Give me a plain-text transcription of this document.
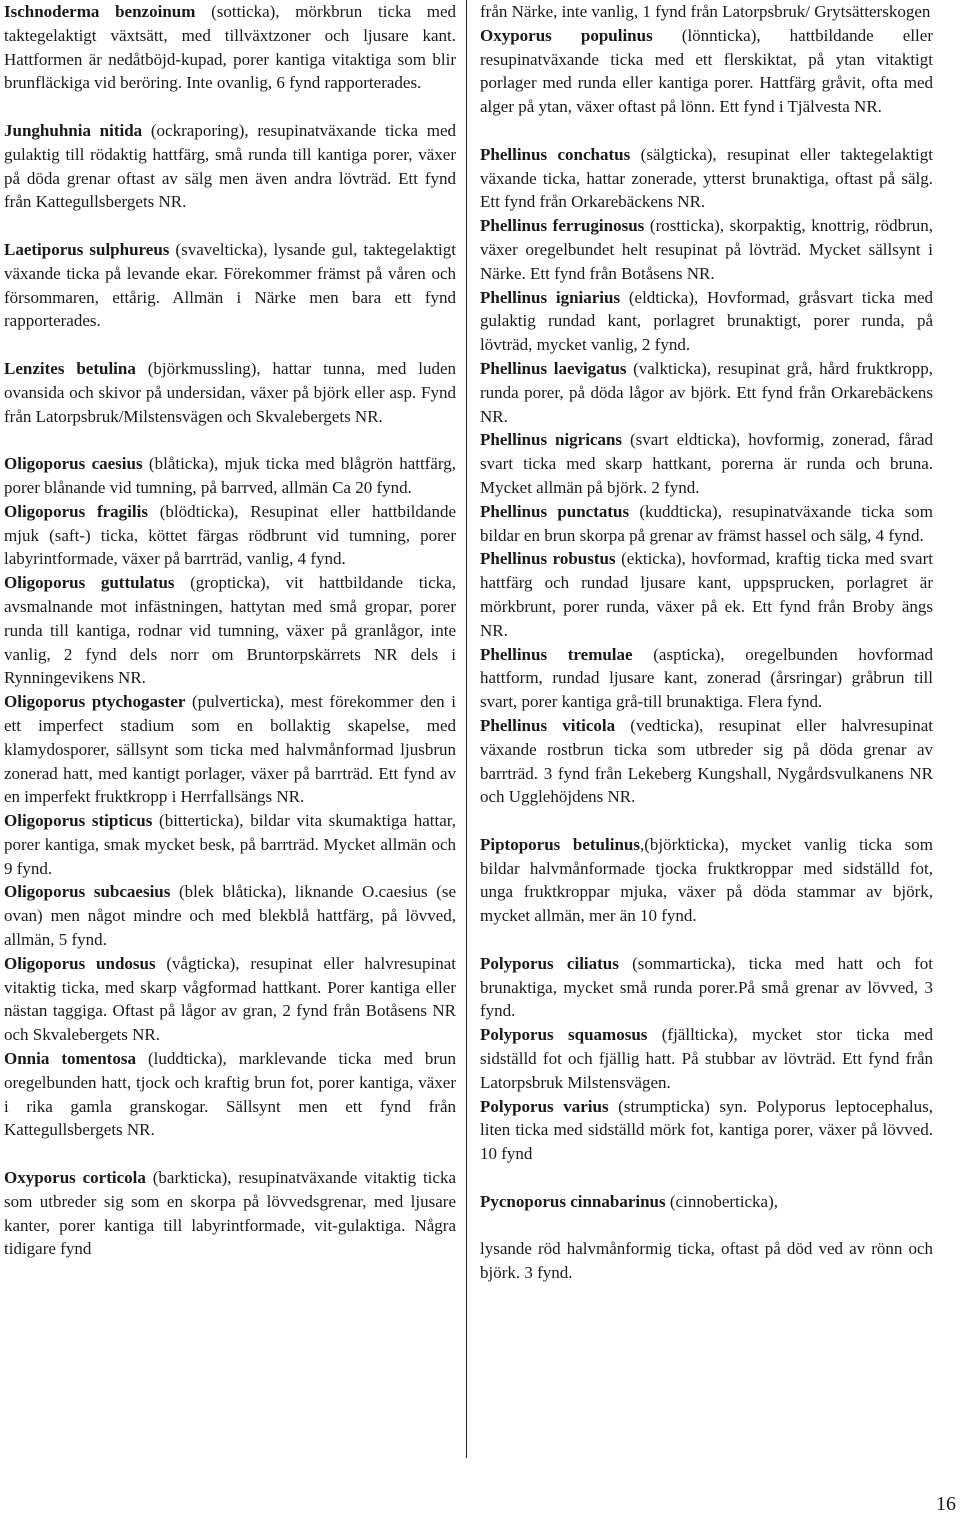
Ischnoderma benzoinum (sotticka), mörkbrun ticka med taktegelaktigt växtsätt, med tillväxtzoner och ljusare kant. Hattformen är nedåtböjd-kupad, porer kantiga vitaktiga som blir brunfläckiga vid beröring. Inte ovanlig, 6 fynd rapporterades.

Junghuhnia nitida (ockraporing), resupinatväxande ticka med gulaktig till rödaktig hattfärg, små runda till kantiga porer, växer på döda grenar oftast av sälg men även andra lövträd. Ett fynd från Kattegullsbergets NR.

Laetiporus sulphureus (svavelticka), lysande gul, taktegelaktigt växande ticka på levande ekar. Förekommer främst på våren och försommaren, ettårig. Allmän i Närke men bara ett fynd rapporterades.

Lenzites betulina (björkmussling), hattar tunna, med luden ovansida och skivor på undersidan, växer på björk eller asp. Fynd från Latorpsbruk/Milstensvägen och Skvalebergets NR.

Oligoporus caesius (blåticka), mjuk ticka med blågrön hattfärg, porer blånande vid tumning, på barrved, allmän Ca 20 fynd.

Oligoporus fragilis (blödticka), Resupinat eller hattbildande mjuk (saft-) ticka, köttet färgas rödbrunt vid tumning, porer labyrintformade, växer på barrträd, vanlig, 4 fynd.

Oligoporus guttulatus (gropticka), vit hattbildande ticka, avsmalnande mot infästningen, hattytan med små gropar, porer runda till kantiga, rodnar vid tumning, växer på granlågor, inte vanlig, 2 fynd dels norr om Bruntorpskärrets NR dels i Rynningevikens NR.

Oligoporus ptychogaster (pulverticka), mest förekommer den i ett imperfect stadium som en bollaktig skapelse, med klamydosporer, sällsynt som ticka med halvmånformad ljusbrun zonerad hatt, med kantigt porlager, växer på barrträd. Ett fynd av en imperfekt fruktkropp i Herrfallsängs NR.

Oligoporus stipticus (bitterticka), bildar vita skumaktiga hattar, porer kantiga, smak mycket besk, på barrträd. Mycket allmän och 9 fynd.

Oligoporus subcaesius (blek blåticka), liknande O.caesius (se ovan) men något mindre och med blekblå hattfärg, på lövved, allmän, 5 fynd.

Oligoporus undosus (vågticka), resupinat eller halvresupinat vitaktig ticka, med skarp vågformad hattkant. Porer kantiga eller nästan taggiga. Oftast på lågor av gran, 2 fynd från Botåsens NR och Skvalebergets NR.

Onnia tomentosa (luddticka), marklevande ticka med brun oregelbunden hatt, tjock och kraftig brun fot, porer kantiga, växer i rika gamla granskogar. Sällsynt men ett fynd från Kattegullsbergets NR.

Oxyporus corticola (barkticka), resupinatväxande vitaktig ticka som utbreder sig som en skorpa på lövvedsgrenar, med ljusare kanter, porer kantiga till labyrintformade, vit-gulaktiga. Några tidigare fynd

från Närke, inte vanlig, 1 fynd från Latorpsbruk/ Grytsätterskogen

Oxyporus populinus (lönnticka), hattbildande eller resupinatväxande ticka med ett flerskiktat, på ytan vitaktigt porlager med runda eller kantiga porer. Hattfärg gråvit, ofta med alger på ytan, växer oftast på lönn. Ett fynd i Tjälvesta NR.

Phellinus conchatus (sälgticka), resupinat eller taktegelaktigt växande ticka, hattar zonerade, ytterst brunaktiga, oftast på sälg. Ett fynd från Orkarebäckens NR.

Phellinus ferruginosus (rostticka), skorpaktig, knottrig, rödbrun, växer oregelbundet helt resupinat på lövträd. Mycket sällsynt i Närke. Ett fynd från Botåsens NR.

Phellinus igniarius (eldticka), Hovformad, gråsvart ticka med gulaktig rundad kant, porlagret brunaktigt, porer runda, på lövträd, mycket vanlig, 2 fynd.

Phellinus laevigatus (valkticka), resupinat grå, hård fruktkropp, runda porer, på döda lågor av björk. Ett fynd från Orkarebäckens NR.

Phellinus nigricans (svart eldticka), hovformig, zonerad, fårad svart ticka med skarp hattkant, porerna är runda och bruna. Mycket allmän på björk. 2 fynd.

Phellinus punctatus (kuddticka), resupinatväxande ticka som bildar en brun skorpa på grenar av främst hassel och sälg, 4 fynd.

Phellinus robustus (ekticka), hovformad, kraftig ticka med svart hattfärg och rundad ljusare kant, uppsprucken, porlagret är mörkbrunt, porer runda, växer på ek. Ett fynd från Broby ängs NR.

Phellinus tremulae (aspticka), oregelbunden hovformad hattform, rundad ljusare kant, zonerad (årsringar) gråbrun till svart, porer kantiga grå-till brunaktiga. Flera fynd.

Phellinus viticola (vedticka), resupinat eller halvresupinat växande rostbrun ticka som utbreder sig på döda grenar av barrträd. 3 fynd från Lekeberg Kungshall, Nygårdsvulkanens NR och Ugglehöjdens NR.

Piptoporus betulinus,(björkticka), mycket vanlig ticka som bildar halvmånformade tjocka fruktkroppar med sidställd fot, unga fruktkroppar mjuka, växer på döda stammar av björk, mycket allmän, mer än 10 fynd.

Polyporus ciliatus (sommarticka), ticka med hatt och fot brunaktiga, mycket små runda porer.På små grenar av lövved, 3 fynd.

Polyporus squamosus (fjällticka), mycket stor ticka med sidställd fot och fjällig hatt. På stubbar av lövträd. Ett fynd från Latorpsbruk Milstensvägen.

Polyporus varius (strumpticka) syn. Polyporus leptocephalus, liten ticka med sidställd mörk fot, kantiga porer, växer på lövved. 10 fynd

Pycnoporus cinnabarinus (cinnoberticka),

lysande röd halvmånformig ticka, oftast på död ved av rönn och björk. 3 fynd.

16
